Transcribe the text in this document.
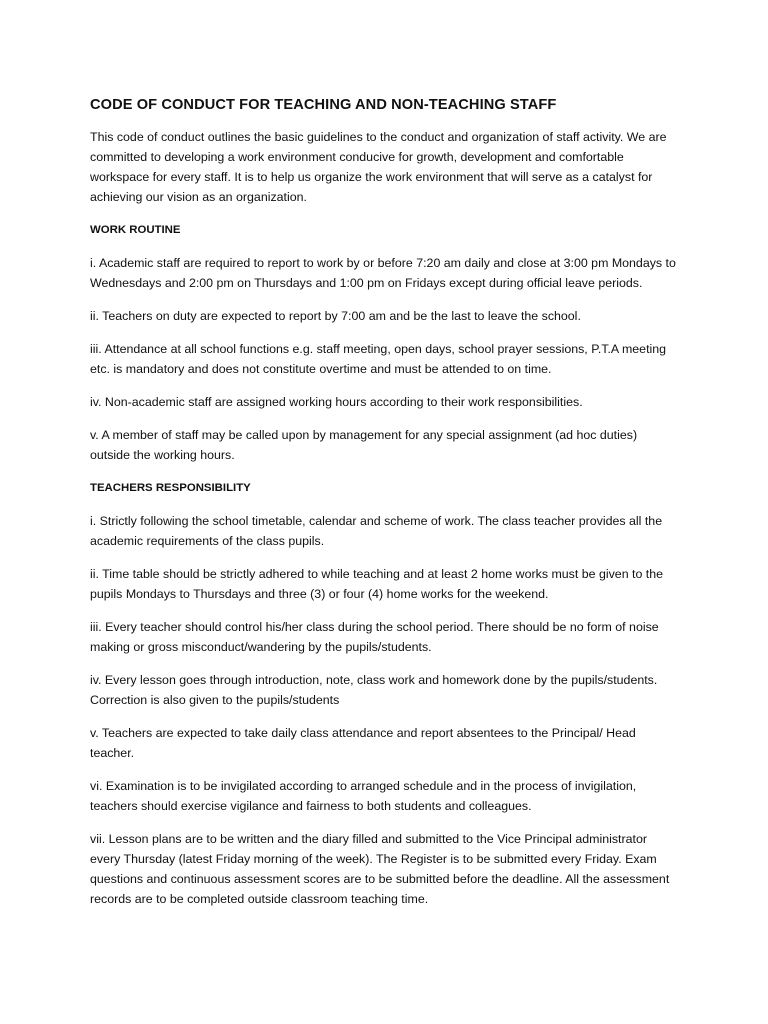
CODE OF CONDUCT FOR TEACHING AND NON-TEACHING STAFF

This code of conduct outlines the basic guidelines to the conduct and organization of staff activity. We are committed to developing a work environment conducive for growth, development and comfortable workspace for every staff. It is to help us organize the work environment that will serve as a catalyst for achieving our vision as an organization.

WORK ROUTINE

i. Academic staff are required to report to work by or before 7:20 am daily and close at 3:00 pm Mondays to Wednesdays and 2:00 pm on Thursdays and 1:00 pm on Fridays except during official leave periods.

ii. Teachers on duty are expected to report by 7:00 am and be the last to leave the school.

iii. Attendance at all school functions e.g. staff meeting, open days, school prayer sessions, P.T.A meeting etc. is mandatory and does not constitute overtime and must be attended to on time.

iv. Non-academic staff are assigned working hours according to their work responsibilities.

v. A member of staff may be called upon by management for any special assignment (ad hoc duties) outside the working hours.

TEACHERS RESPONSIBILITY

i. Strictly following the school timetable, calendar and scheme of work. The class teacher provides all the academic requirements of the class pupils.

ii. Time table should be strictly adhered to while teaching and at least 2 home works must be given to the pupils Mondays to Thursdays and three (3) or four (4) home works for the weekend.

iii. Every teacher should control his/her class during the school period. There should be no form of noise making or gross misconduct/wandering by the pupils/students.

iv. Every lesson goes through introduction, note, class work and homework done by the pupils/students. Correction is also given to the pupils/students

v. Teachers are expected to take daily class attendance and report absentees to the Principal/ Head teacher.

vi. Examination is to be invigilated according to arranged schedule and in the process of invigilation, teachers should exercise vigilance and fairness to both students and colleagues.

vii. Lesson plans are to be written and the diary filled and submitted to the Vice Principal administrator every Thursday (latest Friday morning of the week). The Register is to be submitted every Friday. Exam questions and continuous assessment scores are to be submitted before the deadline. All the assessment records are to be completed outside classroom teaching time.
